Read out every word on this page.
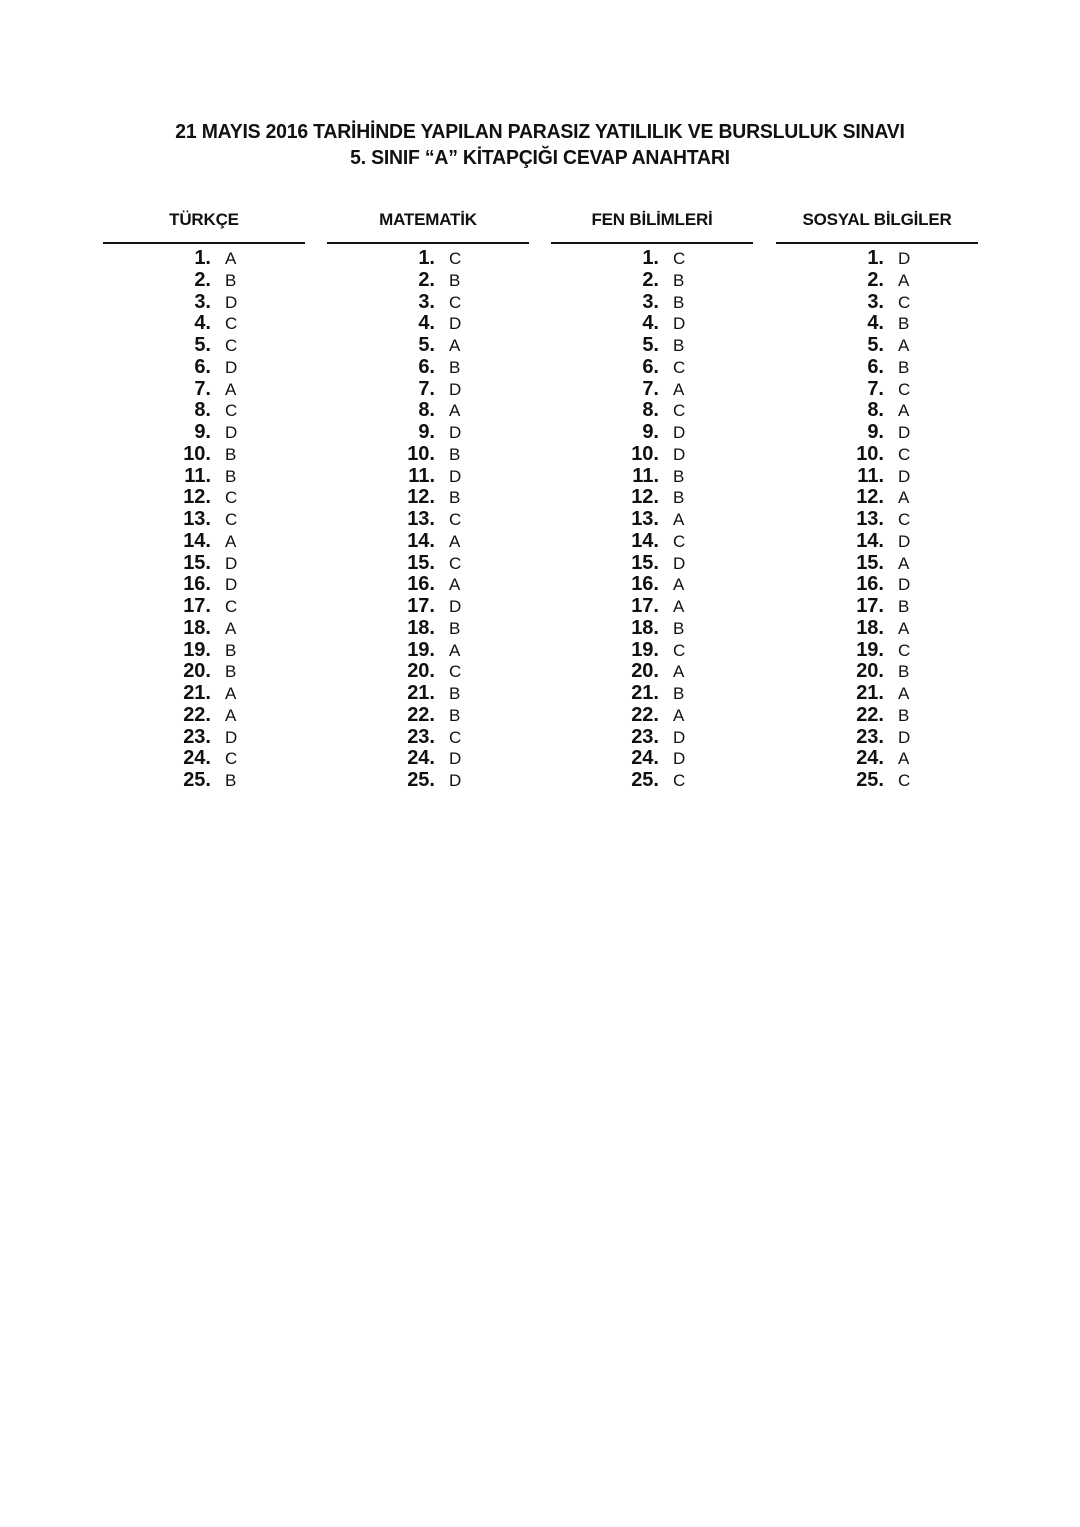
21 MAYIS 2016 TARİHİNDE YAPILAN PARASIZ YATILILIK VE BURSLULUK SINAVI
5. SINIF “A” KİTAPÇIĞI CEVAP ANAHTARI
TÜRKÇE
1. A
2. B
3. D
4. C
5. C
6. D
7. A
8. C
9. D
10. B
11. B
12. C
13. C
14. A
15. D
16. D
17. C
18. A
19. B
20. B
21. A
22. A
23. D
24. C
25. B
MATEMATİK
1. C
2. B
3. C
4. D
5. A
6. B
7. D
8. A
9. D
10. B
11. D
12. B
13. C
14. A
15. C
16. A
17. D
18. B
19. A
20. C
21. B
22. B
23. C
24. D
25. D
FEN BİLİMLERİ
1. C
2. B
3. B
4. D
5. B
6. C
7. A
8. C
9. D
10. D
11. B
12. B
13. A
14. C
15. D
16. A
17. A
18. B
19. C
20. A
21. B
22. A
23. D
24. D
25. C
SOSYAL BİLGİLER
1. D
2. A
3. C
4. B
5. A
6. B
7. C
8. A
9. D
10. C
11. D
12. A
13. C
14. D
15. A
16. D
17. B
18. A
19. C
20. B
21. A
22. B
23. D
24. A
25. C
